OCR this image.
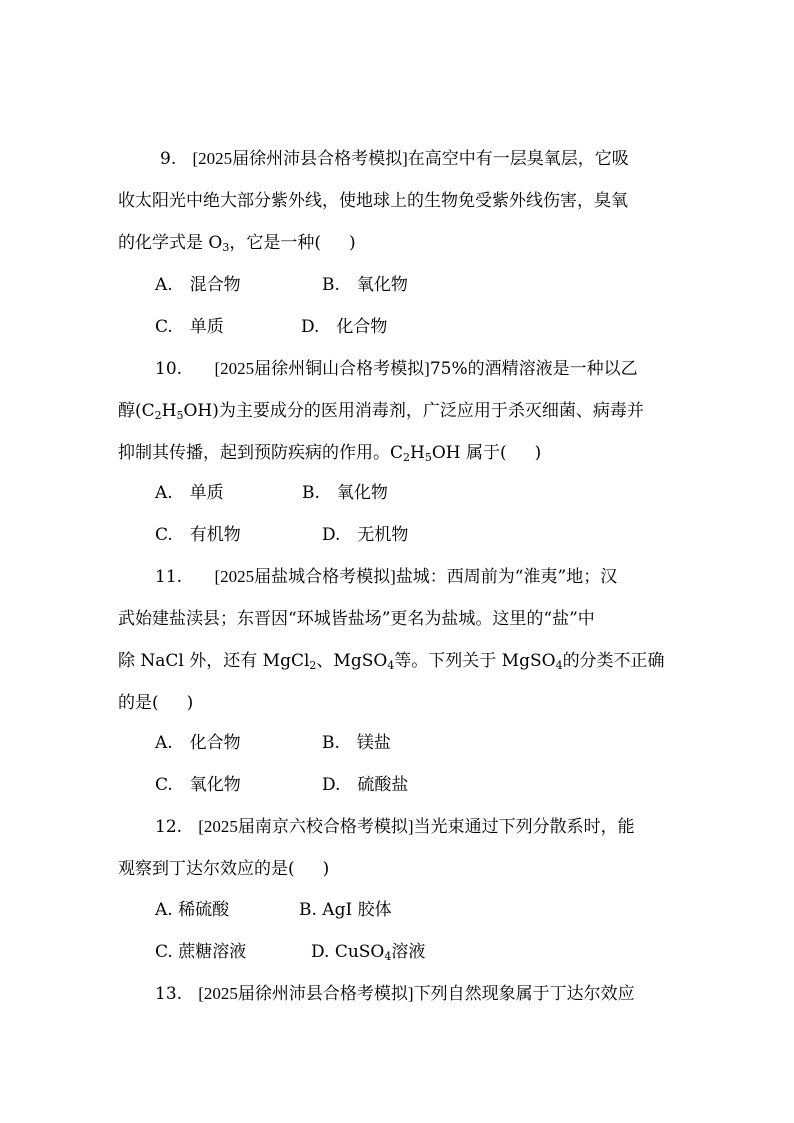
9. [2025届徐州沛县合格考模拟]在高空中有一层臭氧层，它吸
收太阳光中绝大部分紫外线，使地球上的生物免受紫外线伤害，臭氧
的化学式是 $O_3$，它是一种( )
A.　混合物	B.　氧化物
C.　单质	D.　化合物
10. [2025届徐州铜山合格考模拟]75%的酒精溶液是一种以乙
醇$(C_2H_5OH)$为主要成分的医用消毒剂，广泛应用于杀灭细菌、病毒并
抑制其传播，起到预防疾病的作用。$C_2H_5OH$ 属于( )
A.　单质	B.　氧化物
C.　有机物	D.　无机物
11. [2025届盐城合格考模拟]盐城：西周前为“淮夷”地；汉
武始建盐渎县；东晋因“环城皆盐场”更名为盐城。这里的“盐”中
除 NaCl 外，还有 MgCl$_2$、MgSO$_4$等。下列关于 MgSO$_4$的分类不正确
的是( )
A.　化合物	B.　镁盐
C.　氧化物	D.　硫酸盐
12. [2025届南京六校合格考模拟]当光束通过下列分散系时，能
观察到丁达尔效应的是( )
A. 稀硫酸	B. AgI 胶体
C. 蔗糖溶液	D. CuSO$_4$溶液
13. [2025届徐州沛县合格考模拟]下列自然现象属于丁达尔效应
